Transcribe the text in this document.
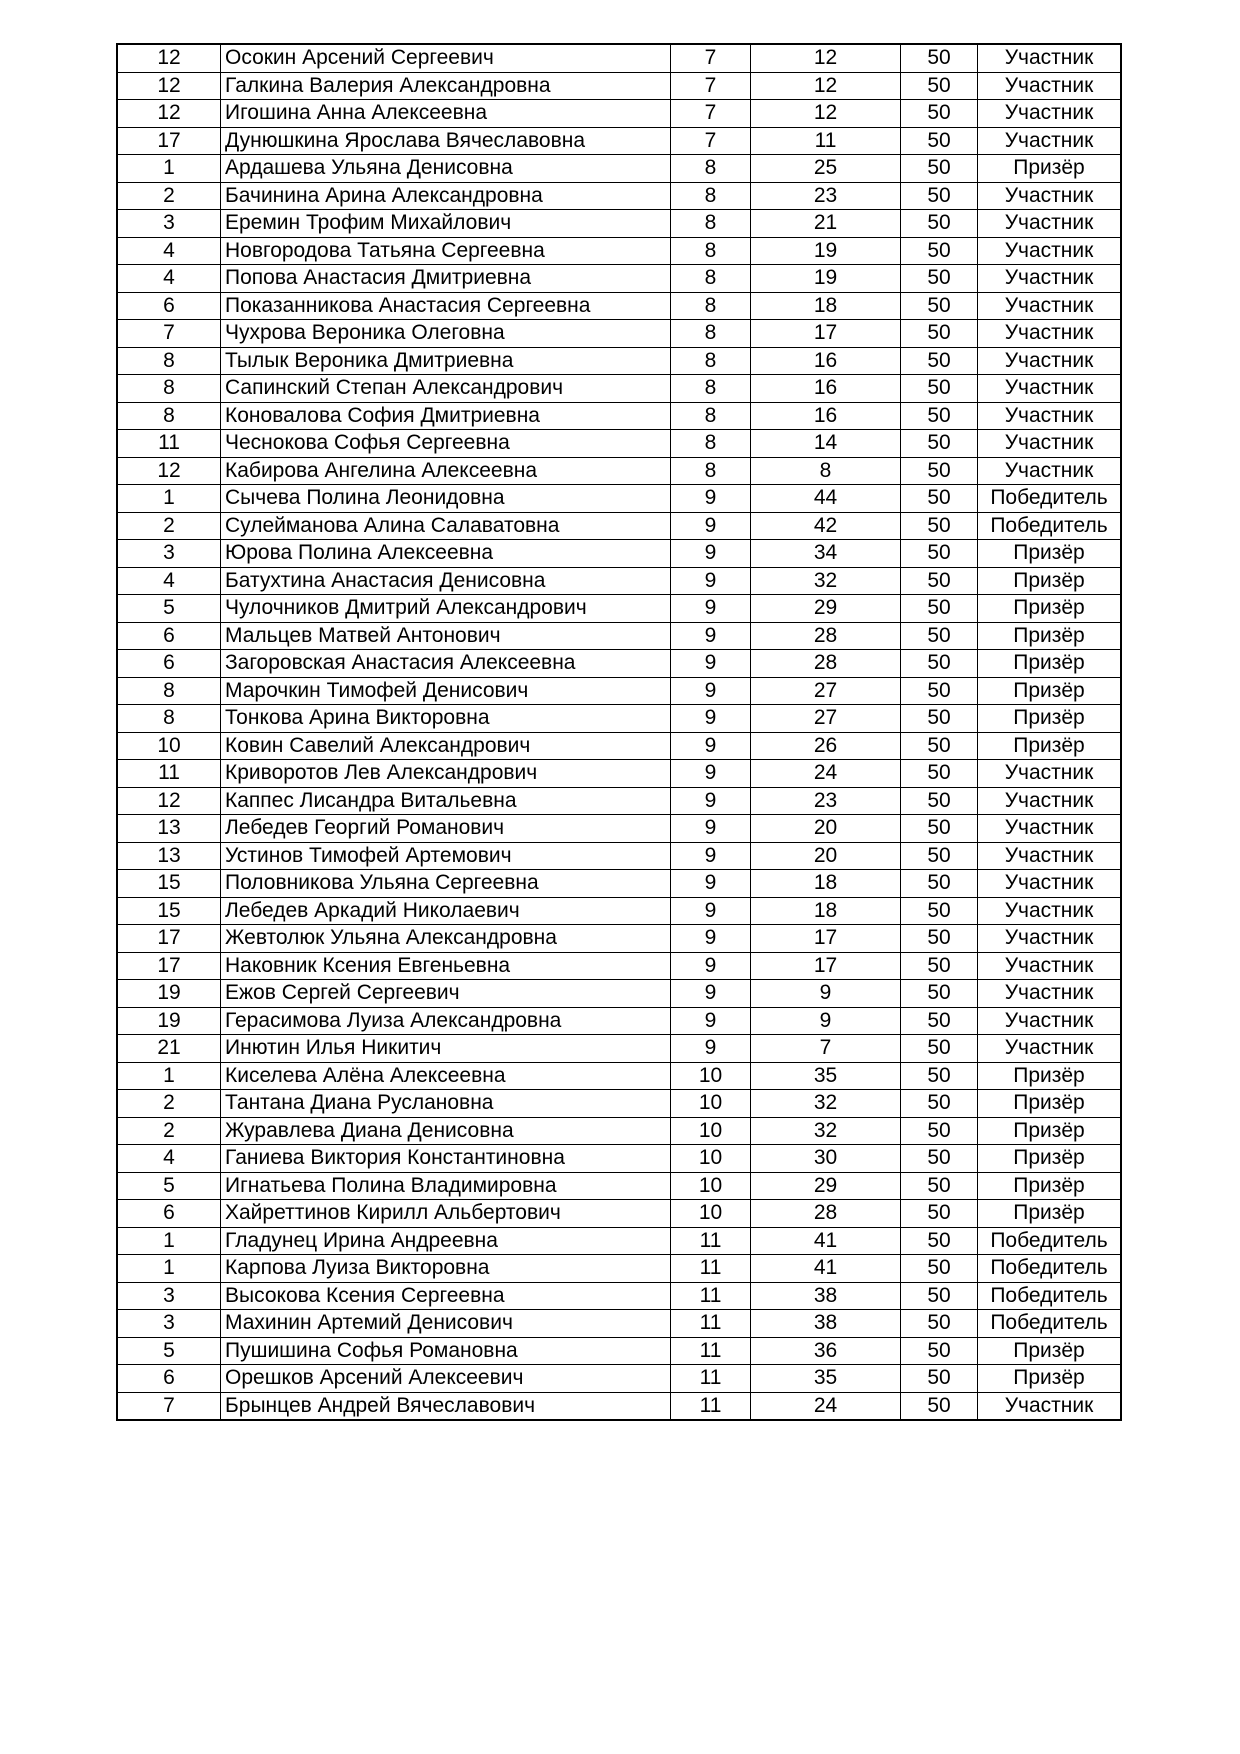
12	Осокин Арсений Сергеевич	7	12	50	Участник
12	Галкина Валерия Александровна	7	12	50	Участник
12	Игошина Анна Алексеевна	7	12	50	Участник
17	Дунюшкина Ярослава Вячеславовна	7	11	50	Участник
1	Ардашева Ульяна Денисовна	8	25	50	Призёр
2	Бачинина Арина Александровна	8	23	50	Участник
3	Еремин Трофим Михайлович	8	21	50	Участник
4	Новгородова Татьяна Сергеевна	8	19	50	Участник
4	Попова Анастасия Дмитриевна	8	19	50	Участник
6	Показанникова Анастасия Сергеевна	8	18	50	Участник
7	Чухрова Вероника Олеговна	8	17	50	Участник
8	Тылык Вероника Дмитриевна	8	16	50	Участник
8	Сапинский Степан Александрович	8	16	50	Участник
8	Коновалова София Дмитриевна	8	16	50	Участник
11	Чеснокова Софья Сергеевна	8	14	50	Участник
12	Кабирова Ангелина Алексеевна	8	8	50	Участник
1	Сычева Полина Леонидовна	9	44	50	Победитель
2	Сулейманова Алина Салаватовна	9	42	50	Победитель
3	Юрова Полина Алексеевна	9	34	50	Призёр
4	Батухтина Анастасия Денисовна	9	32	50	Призёр
5	Чулочников Дмитрий Александрович	9	29	50	Призёр
6	Мальцев Матвей Антонович	9	28	50	Призёр
6	Загоровская Анастасия Алексеевна	9	28	50	Призёр
8	Марочкин Тимофей Денисович	9	27	50	Призёр
8	Тонкова Арина Викторовна	9	27	50	Призёр
10	Ковин Савелий Александрович	9	26	50	Призёр
11	Криворотов Лев Александрович	9	24	50	Участник
12	Каппес Лисандра Витальевна	9	23	50	Участник
13	Лебедев Георгий Романович	9	20	50	Участник
13	Устинов Тимофей Артемович	9	20	50	Участник
15	Половникова Ульяна Сергеевна	9	18	50	Участник
15	Лебедев Аркадий Николаевич	9	18	50	Участник
17	Жевтолюк Ульяна Александровна	9	17	50	Участник
17	Наковник Ксения Евгеньевна	9	17	50	Участник
19	Ежов Сергей Сергеевич	9	9	50	Участник
19	Герасимова Луиза Александровна	9	9	50	Участник
21	Инютин Илья Никитич	9	7	50	Участник
1	Киселева Алёна Алексеевна	10	35	50	Призёр
2	Тантана Диана Руслановна	10	32	50	Призёр
2	Журавлева Диана Денисовна	10	32	50	Призёр
4	Ганиева Виктория Константиновна	10	30	50	Призёр
5	Игнатьева Полина Владимировна	10	29	50	Призёр
6	Хайреттинов Кирилл Альбертович	10	28	50	Призёр
1	Гладунец Ирина Андреевна	11	41	50	Победитель
1	Карпова Луиза Викторовна	11	41	50	Победитель
3	Высокова Ксения Сергеевна	11	38	50	Победитель
3	Махинин Артемий Денисович	11	38	50	Победитель
5	Пушишина Софья Романовна	11	36	50	Призёр
6	Орешков Арсений Алексеевич	11	35	50	Призёр
7	Брынцев Андрей Вячеславович	11	24	50	Участник
